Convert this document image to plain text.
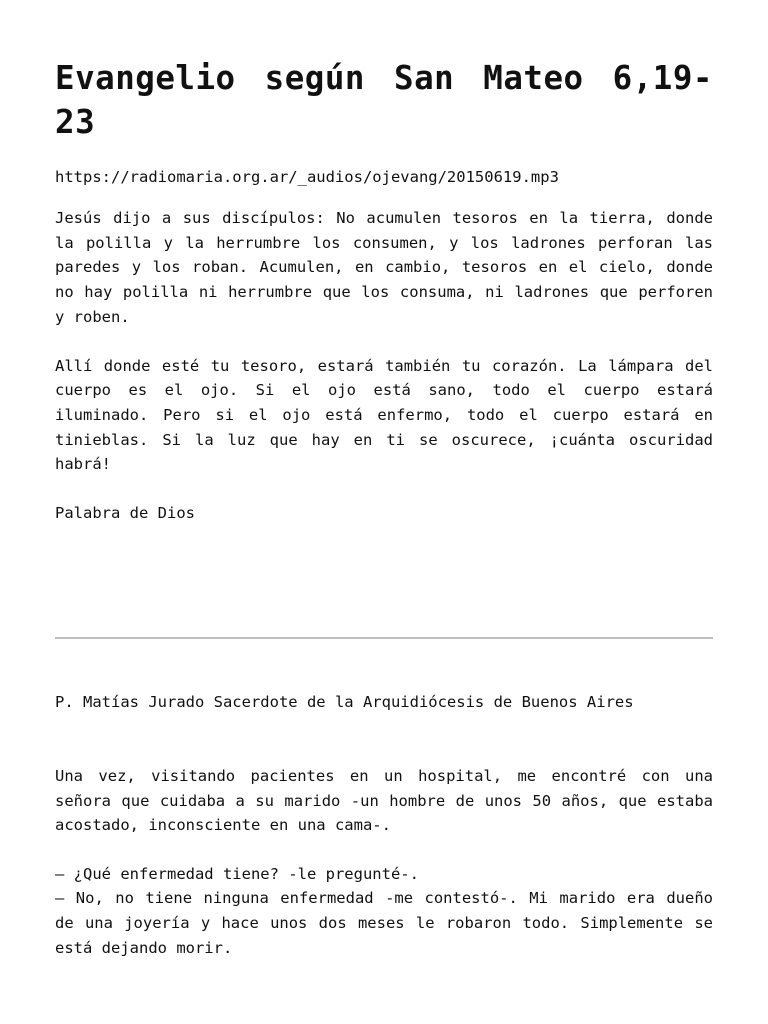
Evangelio según San Mateo 6,19-23
https://radiomaria.org.ar/_audios/ojevang/20150619.mp3

Jesús dijo a sus discípulos: No acumulen tesoros en la tierra, donde la polilla y la herrumbre los consumen, y los ladrones perforan las paredes y los roban. Acumulen, en cambio, tesoros en el cielo, donde no hay polilla ni herrumbre que los consuma, ni ladrones que perforen y roben.

Allí donde esté tu tesoro, estará también tu corazón. La lámpara del cuerpo es el ojo. Si el ojo está sano, todo el cuerpo estará iluminado. Pero si el ojo está enfermo, todo el cuerpo estará en tinieblas. Si la luz que hay en ti se oscurece, ¡cuánta oscuridad habrá!

Palabra de Dios

P. Matías Jurado Sacerdote de la Arquidiócesis de Buenos Aires

Una vez, visitando pacientes en un hospital, me encontré con una señora que cuidaba a su marido -un hombre de unos 50 años, que estaba acostado, inconsciente en una cama-.

– ¿Qué enfermedad tiene? -le pregunté-.

– No, no tiene ninguna enfermedad -me contestó-. Mi marido era dueño de una joyería y hace unos dos meses le robaron todo. Simplemente se está dejando morir.
